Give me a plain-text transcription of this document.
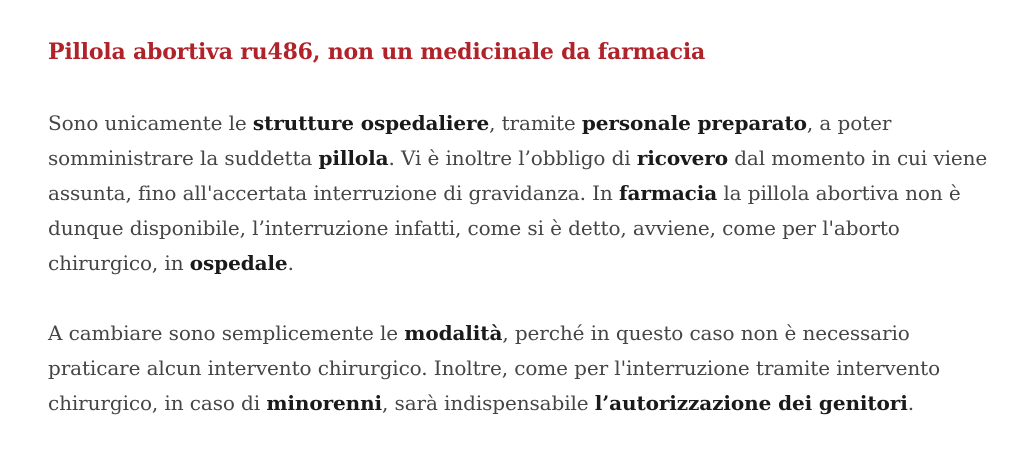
Pillola abortiva ru486, non un medicinale da farmacia

Sono unicamente le strutture ospedaliere, tramite personale preparato, a poter somministrare la suddetta pillola. Vi è inoltre l’obbligo di ricovero dal momento in cui viene assunta, fino all'accertata interruzione di gravidanza. In farmacia la pillola abortiva non è dunque disponibile, l’interruzione infatti, come si è detto, avviene, come per l'aborto chirurgico, in ospedale.

A cambiare sono semplicemente le modalità, perché in questo caso non è necessario praticare alcun intervento chirurgico. Inoltre, come per l'interruzione tramite intervento chirurgico, in caso di minorenni, sarà indispensabile l’autorizzazione dei genitori.
